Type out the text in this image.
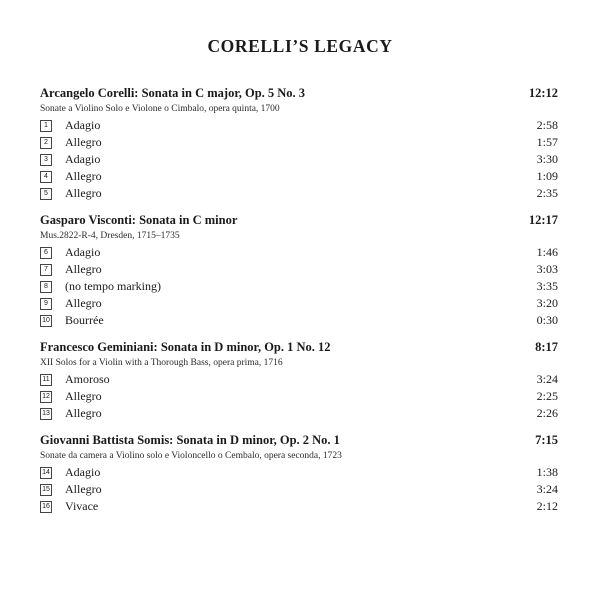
CORELLI’S LEGACY
Arcangelo Corelli: Sonata in C major, Op. 5 No. 3	12:12
Sonate a Violino Solo e Violone o Cimbalo, opera quinta, 1700
1	Adagio	2:58
2	Allegro	1:57
3	Adagio	3:30
4	Allegro	1:09
5	Allegro	2:35
Gasparo Visconti: Sonata in C minor	12:17
Mus.2822-R-4, Dresden, 1715–1735
6	Adagio	1:46
7	Allegro	3:03
8	(no tempo marking)	3:35
9	Allegro	3:20
10 Bourrée	0:30
Francesco Geminiani: Sonata in D minor, Op. 1 No. 12	8:17
XII Solos for a Violin with a Thorough Bass, opera prima, 1716
11 Amoroso	3:24
12 Allegro	2:25
13 Allegro	2:26
Giovanni Battista Somis: Sonata in D minor, Op. 2 No. 1	7:15
Sonate da camera a Violino solo e Violoncello o Cembalo, opera seconda, 1723
14 Adagio	1:38
15 Allegro	3:24
16 Vivace	2:12
